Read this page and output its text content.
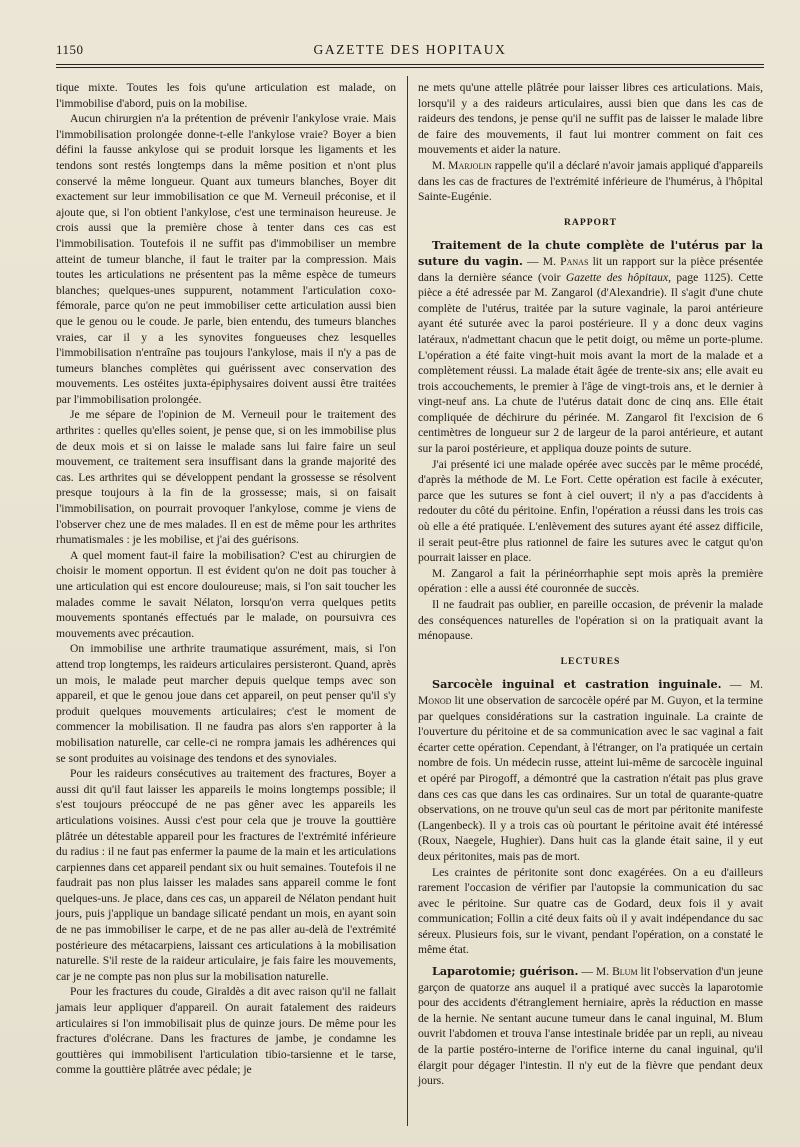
1150	GAZETTE DES HOPITAUX

tique mixte. Toutes les fois qu'une articulation est malade, on l'immobilise d'abord, puis on la mobilise.

Aucun chirurgien n'a la prétention de prévenir l'ankylose vraie. Mais l'immobilisation prolongée donne-t-elle l'ankylose vraie? Boyer a bien défini la fausse ankylose qui se produit lorsque les ligaments et les tendons sont restés longtemps dans la même position et n'ont plus conservé la même longueur. Quant aux tumeurs blanches, Boyer dit exactement sur leur immobilisation ce que M. Verneuil préconise, et il ajoute que, si l'on obtient l'ankylose, c'est une terminaison heureuse. Je crois aussi que la première chose à tenter dans ces cas est l'immobilisation. Toutefois il ne suffit pas d'immobiliser un membre atteint de tumeur blanche, il faut le traiter par la compression. Mais toutes les articulations ne présentent pas la même espèce de tumeurs blanches; quelques-unes suppurent, notamment l'articulation coxo-fémorale, parce qu'on ne peut immobiliser cette articulation aussi bien que le genou ou le coude. Je parle, bien entendu, des tumeurs blanches vraies, car il y a les synovites fongueuses chez lesquelles l'immobilisation n'entraîne pas toujours l'ankylose, mais il n'y a pas de tumeurs blanches complètes qui guérissent avec conservation des mouvements. Les ostéites juxta-épiphysaires doivent aussi être traitées par l'immobilisation prolongée.

Je me sépare de l'opinion de M. Verneuil pour le traitement des arthrites : quelles qu'elles soient, je pense que, si on les immobilise plus de deux mois et si on laisse le malade sans lui faire faire un seul mouvement, ce traitement sera insuffisant dans la grande majorité des cas. Les arthrites qui se développent pendant la grossesse se résolvent presque toujours à la fin de la grossesse; mais, si on faisait l'immobilisation, on pourrait provoquer l'ankylose, comme je viens de l'observer chez une de mes malades. Il en est de même pour les arthrites rhumatismales : je les mobilise, et j'ai des guérisons.

A quel moment faut-il faire la mobilisation? C'est au chirurgien de choisir le moment opportun. Il est évident qu'on ne doit pas toucher à une articulation qui est encore douloureuse; mais, si l'on sait toucher les malades comme le savait Nélaton, lorsqu'on verra quelques petits mouvements spontanés effectués par le malade, on poursuivra ces mouvements avec précaution.

On immobilise une arthrite traumatique assurément, mais, si l'on attend trop longtemps, les raideurs articulaires persisteront. Quand, après un mois, le malade peut marcher depuis quelque temps avec son appareil, et que le genou joue dans cet appareil, on peut penser qu'il s'y produit quelques mouvements articulaires; c'est le moment de commencer la mobilisation. Il ne faudra pas alors s'en rapporter à la mobilisation naturelle, car celle-ci ne rompra jamais les adhérences qui se sont produites au voisinage des tendons et des synoviales.

Pour les raideurs consécutives au traitement des fractures, Boyer a aussi dit qu'il faut laisser les appareils le moins longtemps possible; il s'est toujours préoccupé de ne pas gêner avec les appareils les articulations voisines. Aussi c'est pour cela que je trouve la gouttière plâtrée un détestable appareil pour les fractures de l'extrémité inférieure du radius : il ne faut pas enfermer la paume de la main et les articulations carpiennes dans cet appareil pendant six ou huit semaines. Toutefois il ne faudrait pas non plus laisser les malades sans appareil comme le font quelques-uns. Je place, dans ces cas, un appareil de Nélaton pendant huit jours, puis j'applique un bandage silicaté pendant un mois, en ayant soin de ne pas immobiliser le carpe, et de ne pas aller au-delà de l'extrémité postérieure des métacarpiens, laissant ces articulations à la mobilisation naturelle. S'il reste de la raideur articulaire, je fais faire les mouvements, car je ne compte pas non plus sur la mobilisation naturelle.

Pour les fractures du coude, Giraldès a dit avec raison qu'il ne fallait jamais leur appliquer d'appareil. On aurait fatalement des raideurs articulaires si l'on immobilisait plus de quinze jours. De même pour les fractures d'olécrane. Dans les fractures de jambe, je condamne les gouttières qui immobilisent l'articulation tibio-tarsienne et le tarse, comme la gouttière plâtrée avec pédale; je

ne mets qu'une attelle plâtrée pour laisser libres ces articulations. Mais, lorsqu'il y a des raideurs articulaires, aussi bien que dans les cas de raideurs des tendons, je pense qu'il ne suffit pas de laisser le malade libre de faire des mouvements, il faut lui montrer comment on fait ces mouvements et aider la nature.

M. Marjolin rappelle qu'il a déclaré n'avoir jamais appliqué d'appareils dans les cas de fractures de l'extrémité inférieure de l'humérus, à l'hôpital Sainte-Eugénie.

RAPPORT

Traitement de la chute complète de l'utérus par la suture du vagin. — M. Panas lit un rapport sur la pièce présentée dans la dernière séance (voir Gazette des hôpitaux, page 1125). Cette pièce a été adressée par M. Zangarol (d'Alexandrie). Il s'agit d'une chute complète de l'utérus, traitée par la suture vaginale, la paroi antérieure ayant été suturée avec la paroi postérieure. Il y a donc deux vagins latéraux, n'admettant chacun que le petit doigt, ou même un porte-plume. L'opération a été faite vingt-huit mois avant la mort de la malade et a complètement réussi. La malade était âgée de trente-six ans; elle avait eu trois accouchements, le premier à l'âge de vingt-trois ans, et le dernier à vingt-neuf ans. La chute de l'utérus datait donc de cinq ans. Elle était compliquée de déchirure du périnée. M. Zangarol fit l'excision de 6 centimètres de longueur sur 2 de largeur de la paroi antérieure, et autant sur la paroi postérieure, et appliqua douze points de suture.

J'ai présenté ici une malade opérée avec succès par le même procédé, d'après la méthode de M. Le Fort. Cette opération est facile à exécuter, parce que les sutures se font à ciel ouvert; il n'y a pas d'accidents à redouter du côté du péritoine. Enfin, l'opération a réussi dans les trois cas où elle a été pratiquée. L'enlèvement des sutures ayant été assez difficile, il serait peut-être plus rationnel de faire les sutures avec le catgut qu'on pourrait laisser en place.

M. Zangarol a fait la périnéorrhaphie sept mois après la première opération : elle a aussi été couronnée de succès.

Il ne faudrait pas oublier, en pareille occasion, de prévenir la malade des conséquences naturelles de l'opération si on la pratiquait avant la ménopause.

LECTURES

Sarcocèle inguinal et castration inguinale. — M. Monod lit une observation de sarcocèle opéré par M. Guyon, et la termine par quelques considérations sur la castration inguinale. La crainte de l'ouverture du péritoine et de sa communication avec le sac vaginal a fait écarter cette opération. Cependant, à l'étranger, on l'a pratiquée un certain nombre de fois. Un médecin russe, atteint lui-même de sarcocèle inguinal et opéré par Pirogoff, a démontré que la castration n'était pas plus grave dans ces cas que dans les cas ordinaires. Sur un total de quarante-quatre observations, on ne trouve qu'un seul cas de mort par péritonite manifeste (Langenbeck). Il y a trois cas où pourtant le péritoine avait été intéressé (Roux, Naegele, Hughier). Dans huit cas la glande était saine, il y eut deux péritonites, mais pas de mort.

Les craintes de péritonite sont donc exagérées. On a eu d'ailleurs rarement l'occasion de vérifier par l'autopsie la communication du sac avec le péritoine. Sur quatre cas de Godard, deux fois il y avait communication; Follin a cité deux faits où il y avait indépendance du sac séreux. Plusieurs fois, sur le vivant, pendant l'opération, on a constaté le même état.

Laparotomie; guérison. — M. Blum lit l'observation d'un jeune garçon de quatorze ans auquel il a pratiqué avec succès la laparotomie pour des accidents d'étranglement herniaire, après la réduction en masse de la hernie. Ne sentant aucune tumeur dans le canal inguinal, M. Blum ouvrit l'abdomen et trouva l'anse intestinale bridée par un repli, au niveau de la partie postéro-interne de l'orifice interne du canal inguinal, qu'il élargit pour dégager l'intestin. Il n'y eut de la fièvre que pendant deux jours.
